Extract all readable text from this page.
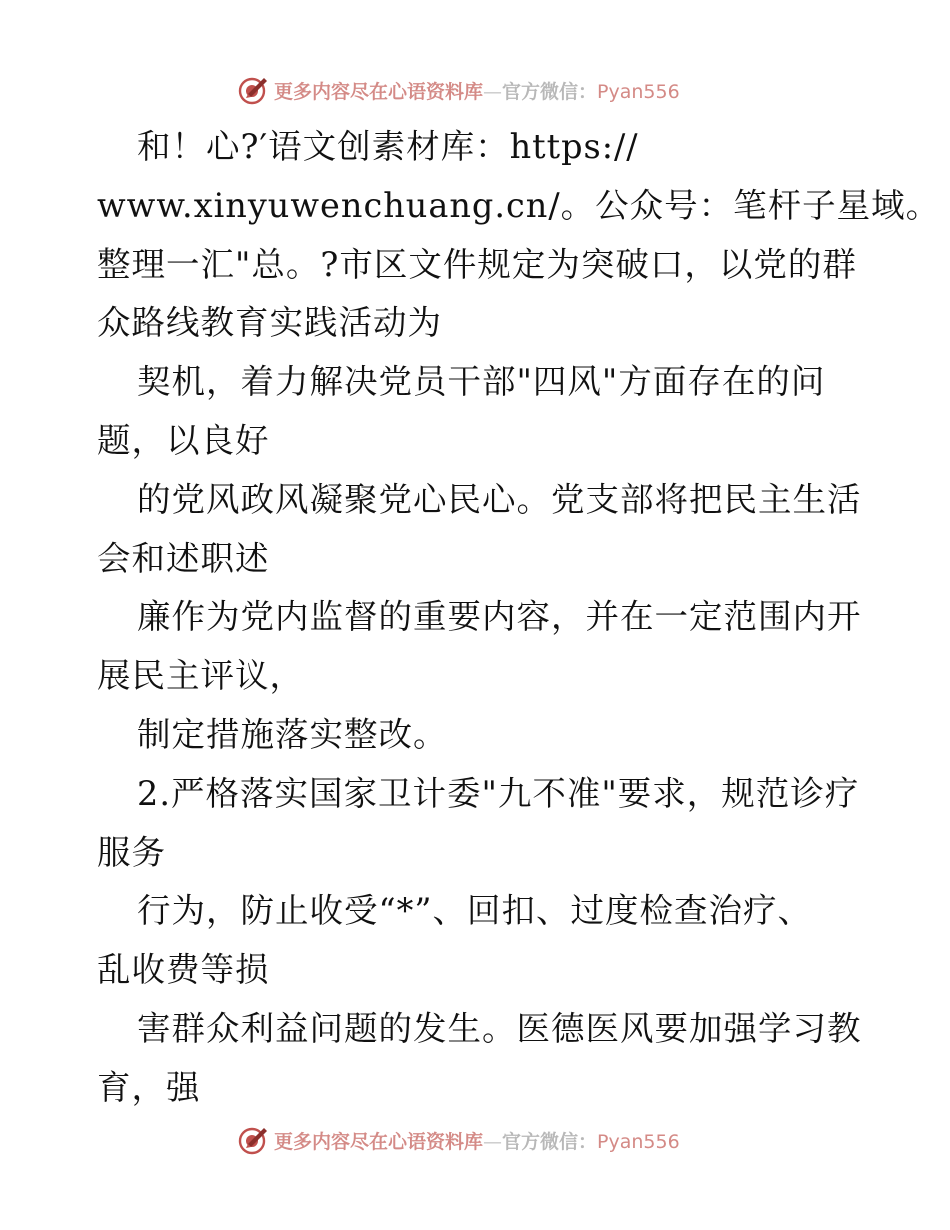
更多内容尽在心语资料库—官方微信：Pyan556
和！心?′语文创素材库：https://
www.xinyuwenchuang.cn/。公众号：笔杆子星域。
整理一汇"总。?市区文件规定为突破口，以党的群
众路线教育实践活动为
契机，着力解决党员干部"四风"方面存在的问
题，以良好
的党风政风凝聚党心民心。党支部将把民主生活
会和述职述
廉作为党内监督的重要内容，并在一定范围内开
展民主评议，
制定措施落实整改。
2.严格落实国家卫计委"九不准"要求，规范诊疗
服务
行为，防止收受“*”、回扣、过度检查治疗、
乱收费等损
害群众利益问题的发生。医德医风要加强学习教
育，强
更多内容尽在心语资料库—官方微信：Pyan556
